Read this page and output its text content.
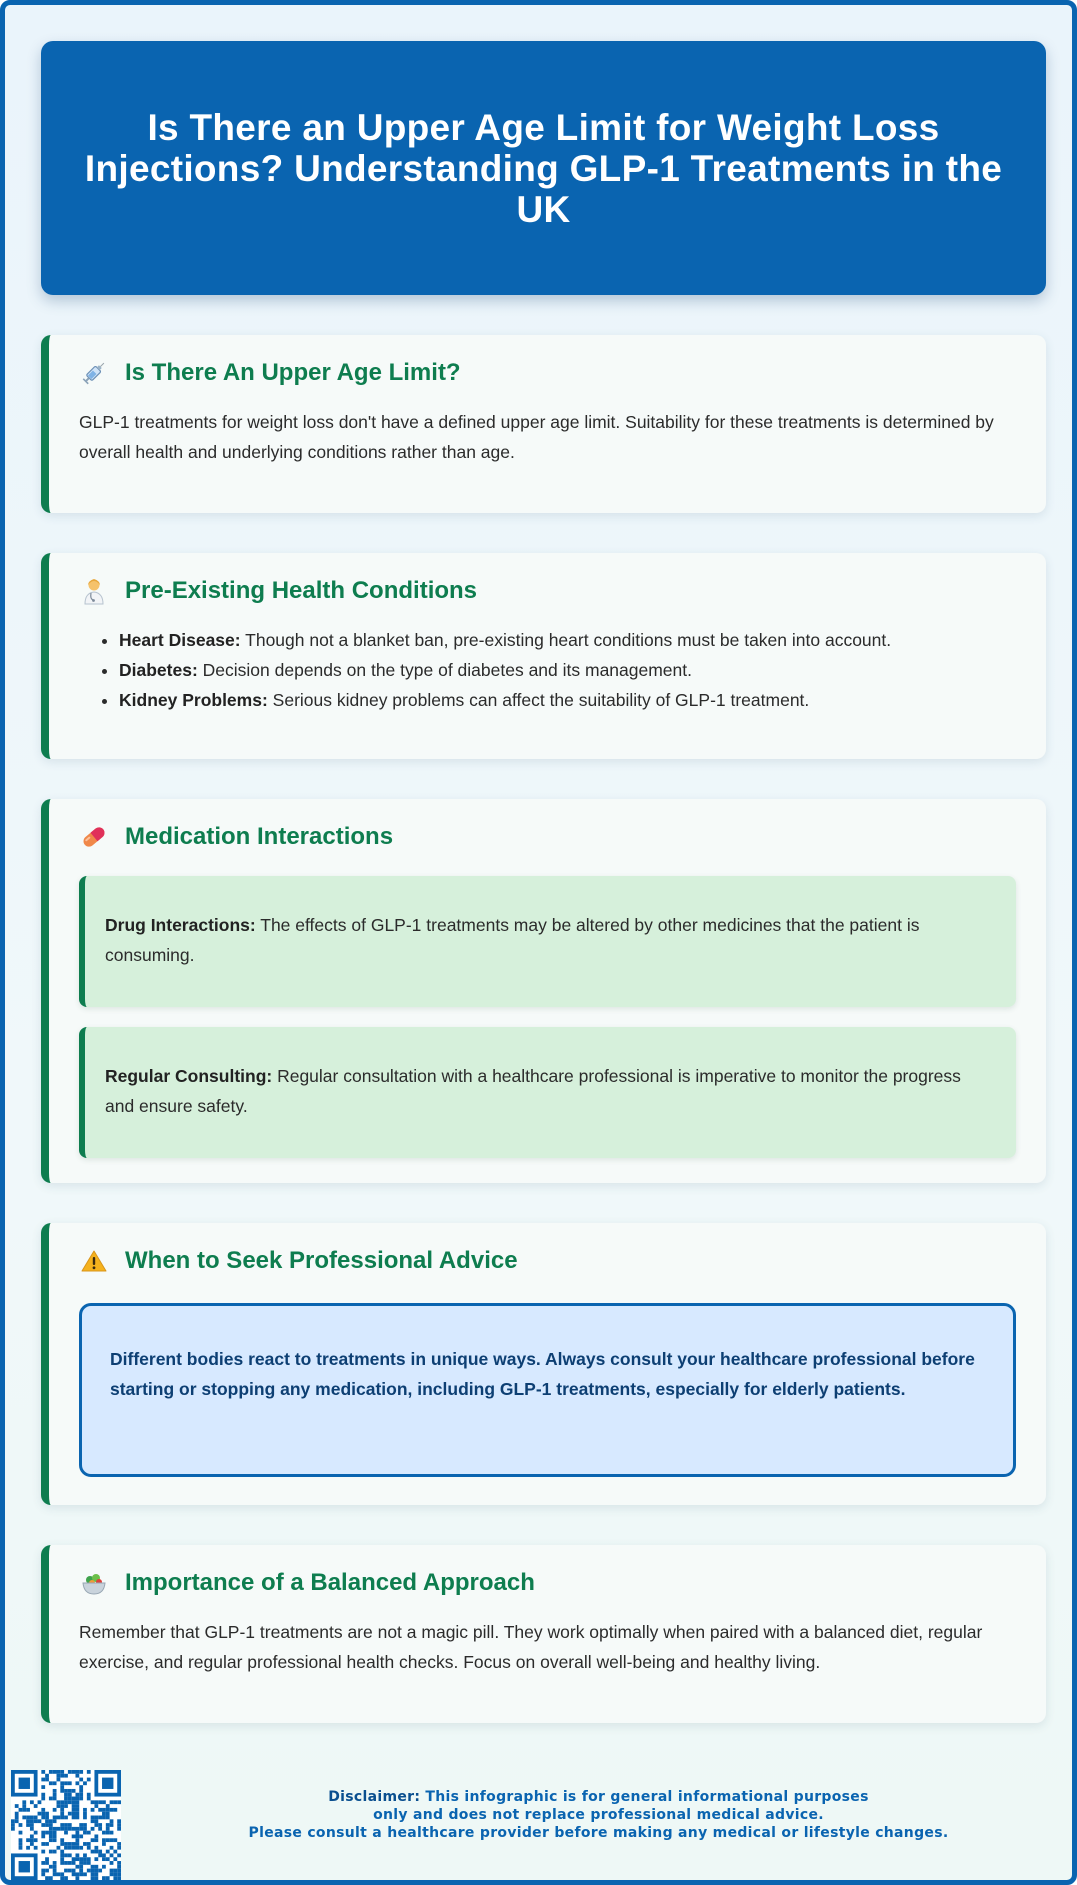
Is There an Upper Age Limit for Weight Loss Injections? Understanding GLP-1 Treatments in the UK
Is There An Upper Age Limit?

GLP-1 treatments for weight loss don't have a defined upper age limit. Suitability for these treatments is determined by overall health and underlying conditions rather than age.

Pre-Existing Health Conditions
• Heart Disease: Though not a blanket ban, pre-existing heart conditions must be taken into account.
• Diabetes: Decision depends on the type of diabetes and its management.
• Kidney Problems: Serious kidney problems can affect the suitability of GLP-1 treatment.
Medication Interactions
Drug Interactions: The effects of GLP-1 treatments may be altered by other medicines that the patient is consuming.
Regular Consulting: Regular consultation with a healthcare professional is imperative to monitor the progress and ensure safety.
When to Seek Professional Advice
Different bodies react to treatments in unique ways. Always consult your healthcare professional before starting or stopping any medication, including GLP-1 treatments, especially for elderly patients.
Importance of a Balanced Approach

Remember that GLP-1 treatments are not a magic pill. They work optimally when paired with a balanced diet, regular exercise, and regular professional health checks. Focus on overall well-being and healthy living.

Disclaimer: This infographic is for general informational purposes
only and does not replace professional medical advice.
Please consult a healthcare provider before making any medical or lifestyle changes.
